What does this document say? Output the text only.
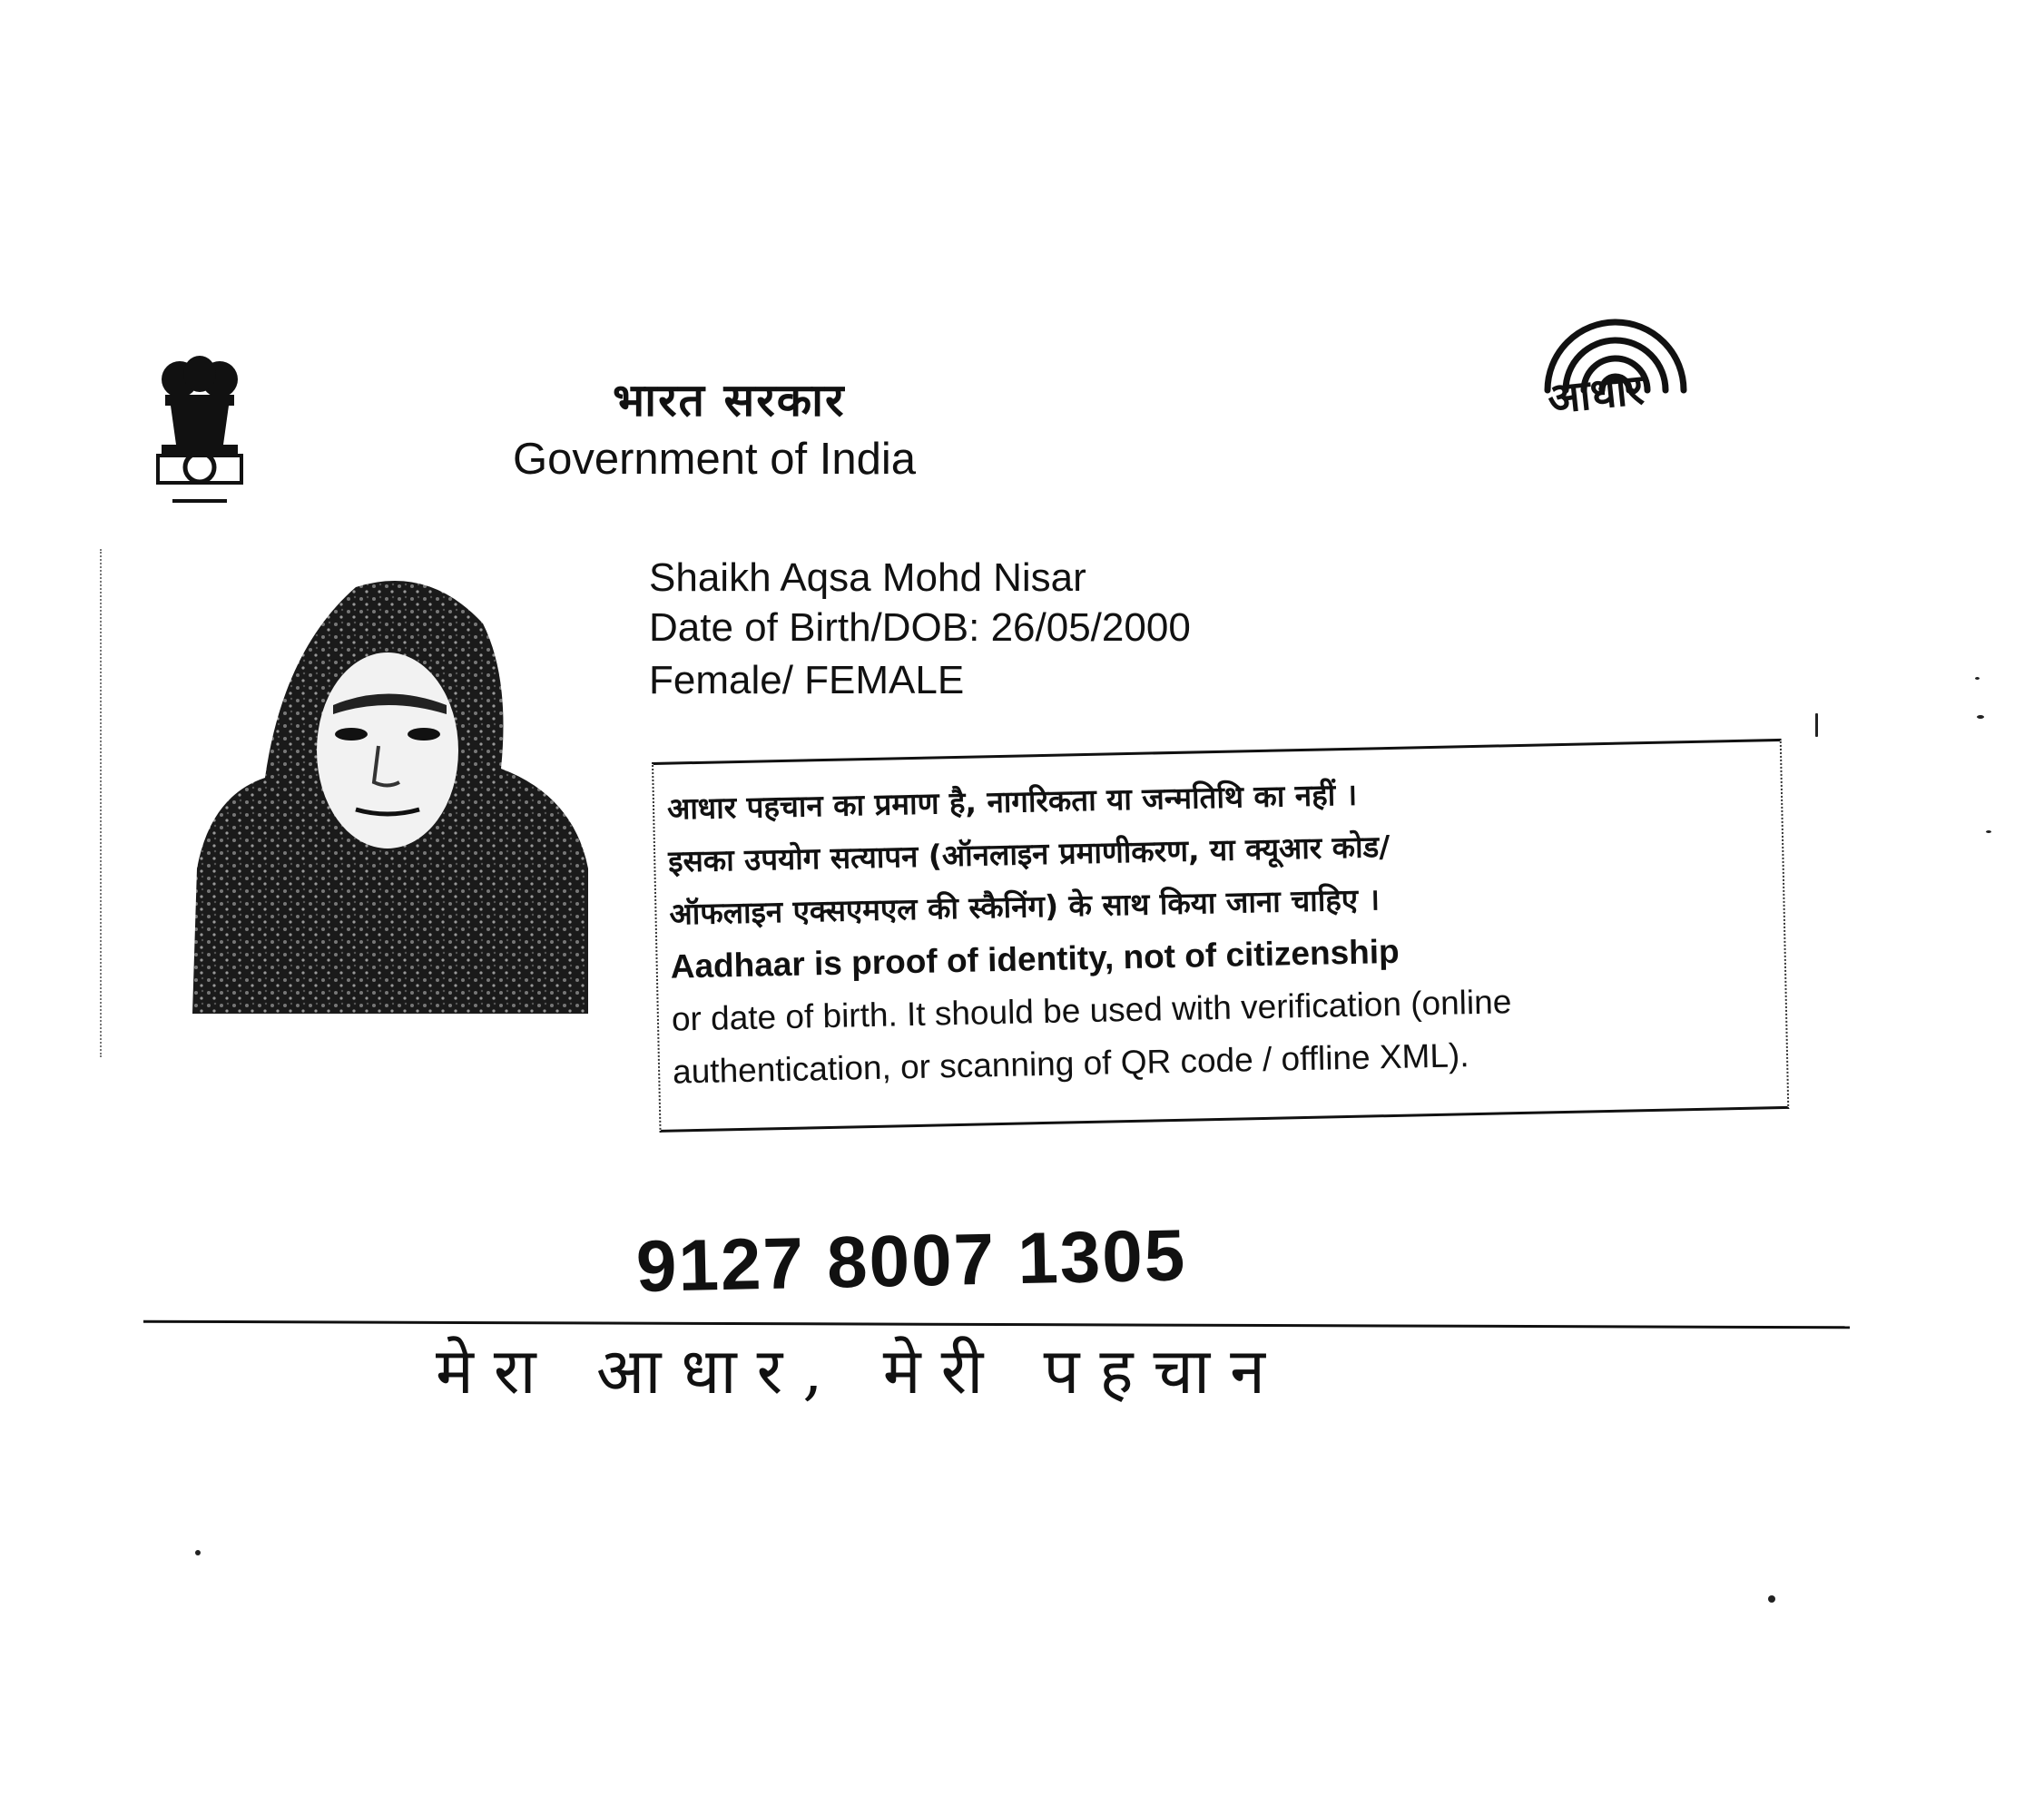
भारत सरकार
Government of India
आधार
Shaikh Aqsa Mohd Nisar
Date of Birth/DOB: 26/05/2000
Female/ FEMALE
आधार पहचान का प्रमाण है, नागरिकता या जन्मतिथि का नहीं ।
इसका उपयोग सत्यापन (ऑनलाइन प्रमाणीकरण, या क्यूआर कोड/
ऑफलाइन एक्सएमएल की स्कैनिंग) के साथ किया जाना चाहिए ।
Aadhaar is proof of identity, not of citizenship
or date of birth. It should be used with verification (online
authentication, or scanning of QR code / offline XML).
9127 8007 1305
मेरा आधार, मेरी पहचान
